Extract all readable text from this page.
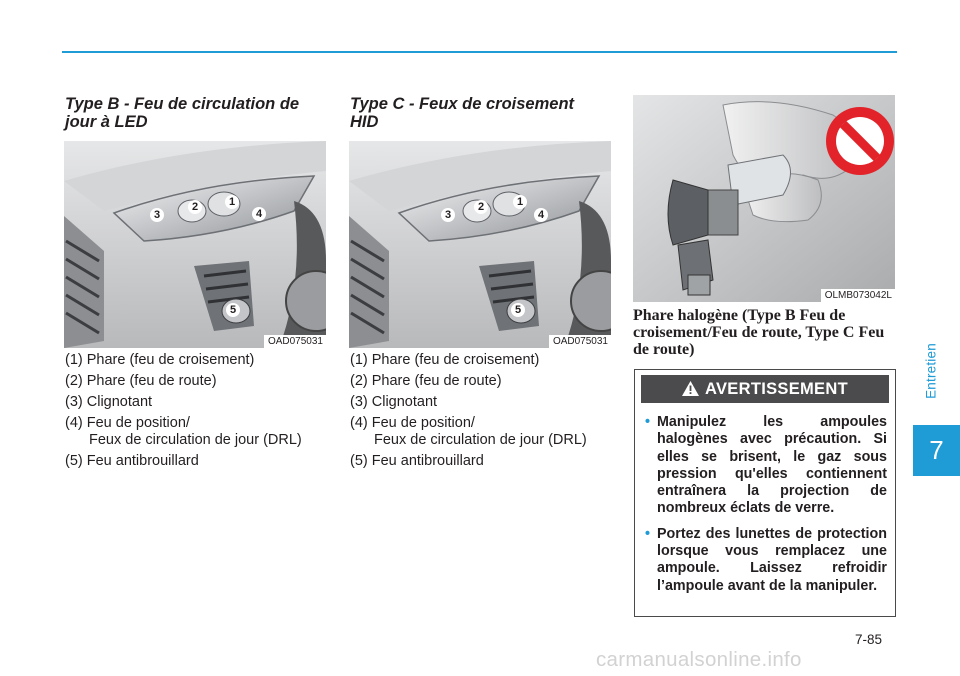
Type B - Feu de circulation de jour à LED
1
2
3	4
5
OAD075031
(1) Phare (feu de croisement)
(2) Phare (feu de route)
(3) Clignotant
(4) Feu de position/
Feux de circulation de jour (DRL)
(5) Feu antibrouillard
Type C - Feux de croisement HID
1
2
3	4
5
OAD075031
(1) Phare (feu de croisement)
(2) Phare (feu de route)
(3) Clignotant
(4) Feu de position/
Feux de circulation de jour (DRL)
(5) Feu antibrouillard
OLMB073042L
Phare halogène (Type B Feu de croisement/Feu de route, Type C Feu de route)
AVERTISSEMENT
• Manipulez les ampoules halogènes avec précaution. Si elles se brisent, le gaz sous pression qu'elles contiennent entraînera la projection de nombreux éclats de verre.
• Portez des lunettes de protection lorsque vous remplacez une ampoule. Laissez refroidir l’ampoule avant de la manipuler.
Entretien
7
7-85
carmanualsonline.info
